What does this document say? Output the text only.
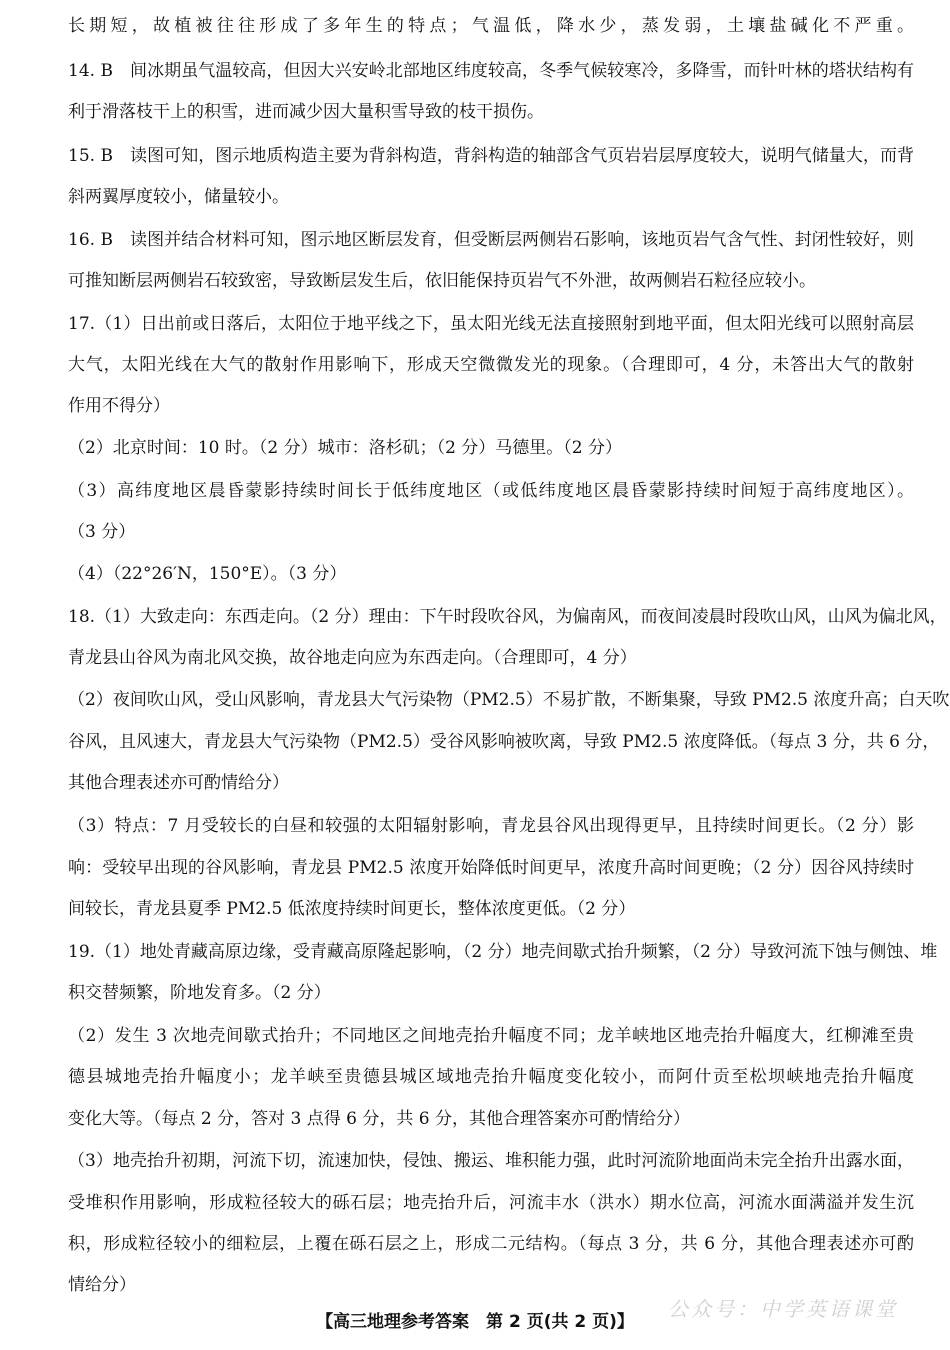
长期短，故植被往往形成了多年生的特点；气温低，降水少，蒸发弱，土壤盐碱化不严重。
14. B　间冰期虽气温较高，但因大兴安岭北部地区纬度较高，冬季气候较寒冷，多降雪，而针叶林的塔状结构有
利于滑落枝干上的积雪，进而减少因大量积雪导致的枝干损伤。
15. B　读图可知，图示地质构造主要为背斜构造，背斜构造的轴部含气页岩岩层厚度较大，说明气储量大，而背
斜两翼厚度较小，储量较小。
16. B　读图并结合材料可知，图示地区断层发育，但受断层两侧岩石影响，该地页岩气含气性、封闭性较好，则
可推知断层两侧岩石较致密，导致断层发生后，依旧能保持页岩气不外泄，故两侧岩石粒径应较小。
17.（1）日出前或日落后，太阳位于地平线之下，虽太阳光线无法直接照射到地平面，但太阳光线可以照射高层
大气，太阳光线在大气的散射作用影响下，形成天空微微发光的现象。（合理即可，4 分，未答出大气的散射
作用不得分）
（2）北京时间：10 时。（2 分）城市：洛杉矶；（2 分）马德里。（2 分）
（3）高纬度地区晨昏蒙影持续时间长于低纬度地区（或低纬度地区晨昏蒙影持续时间短于高纬度地区）。
（3 分）
（4）（22°26′N，150°E）。（3 分）
18.（1）大致走向：东西走向。（2 分）理由：下午时段吹谷风，为偏南风，而夜间凌晨时段吹山风，山风为偏北风，
青龙县山谷风为南北风交换，故谷地走向应为东西走向。（合理即可，4 分）
（2）夜间吹山风，受山风影响，青龙县大气污染物（PM2.5）不易扩散，不断集聚，导致 PM2.5 浓度升高；白天吹
谷风，且风速大，青龙县大气污染物（PM2.5）受谷风影响被吹离，导致 PM2.5 浓度降低。（每点 3 分，共 6 分，
其他合理表述亦可酌情给分）
（3）特点：7 月受较长的白昼和较强的太阳辐射影响，青龙县谷风出现得更早，且持续时间更长。（2 分）影
响：受较早出现的谷风影响，青龙县 PM2.5 浓度开始降低时间更早，浓度升高时间更晚；（2 分）因谷风持续时
间较长，青龙县夏季 PM2.5 低浓度持续时间更长，整体浓度更低。（2 分）
19.（1）地处青藏高原边缘，受青藏高原隆起影响，（2 分）地壳间歇式抬升频繁，（2 分）导致河流下蚀与侧蚀、堆
积交替频繁，阶地发育多。（2 分）
（2）发生 3 次地壳间歇式抬升；不同地区之间地壳抬升幅度不同；龙羊峡地区地壳抬升幅度大，红柳滩至贵
德县城地壳抬升幅度小；龙羊峡至贵德县城区域地壳抬升幅度变化较小，而阿什贡至松坝峡地壳抬升幅度
变化大等。（每点 2 分，答对 3 点得 6 分，共 6 分，其他合理答案亦可酌情给分）
（3）地壳抬升初期，河流下切，流速加快，侵蚀、搬运、堆积能力强，此时河流阶地面尚未完全抬升出露水面，
受堆积作用影响，形成粒径较大的砾石层；地壳抬升后，河流丰水（洪水）期水位高，河流水面满溢并发生沉
积，形成粒径较小的细粒层，上覆在砾石层之上，形成二元结构。（每点 3 分，共 6 分，其他合理表述亦可酌
情给分）
公众号：中学英语课堂
【高三地理参考答案　第 2 页(共 2 页)】
